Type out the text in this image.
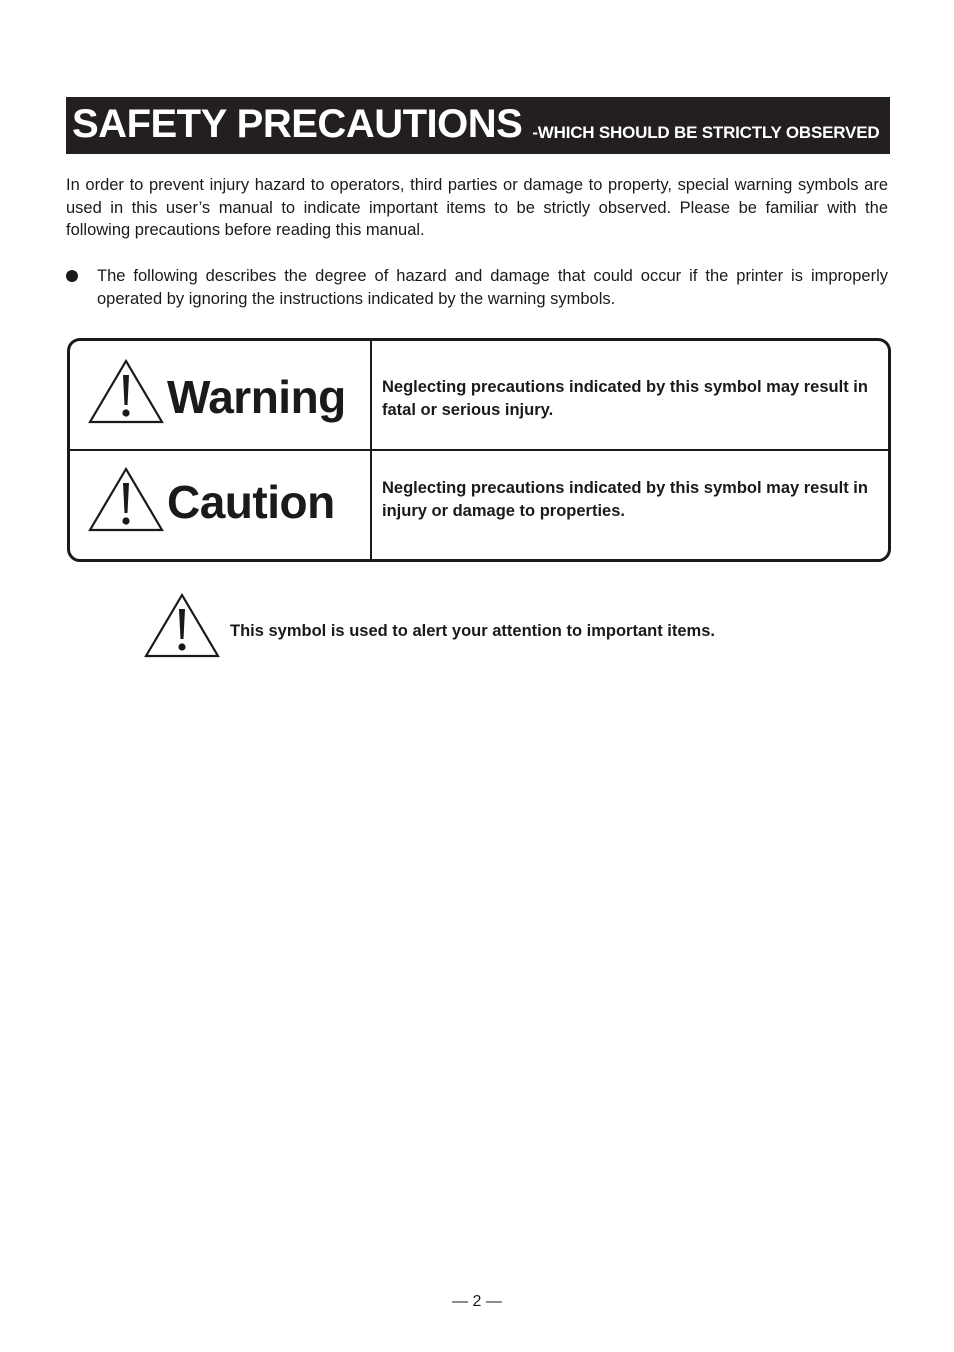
SAFETY PRECAUTIONS -WHICH SHOULD BE STRICTLY OBSERVED

In order to prevent injury hazard to operators, third parties or damage to property, special warning symbols are used in this user’s manual to indicate important items to be strictly observed. Please be familiar with the following precautions before reading this manual.

The following describes the degree of hazard and damage that could occur if the printer is improperly operated by ignoring the instructions indicated by the warning symbols.

Warning Neglecting precautions indicated by this symbol may result in fatal or serious injury.

Caution	Neglecting precautions indicated by this symbol may result in injury or damage to properties.

This symbol is used to alert your attention to important items.

— 2 —
